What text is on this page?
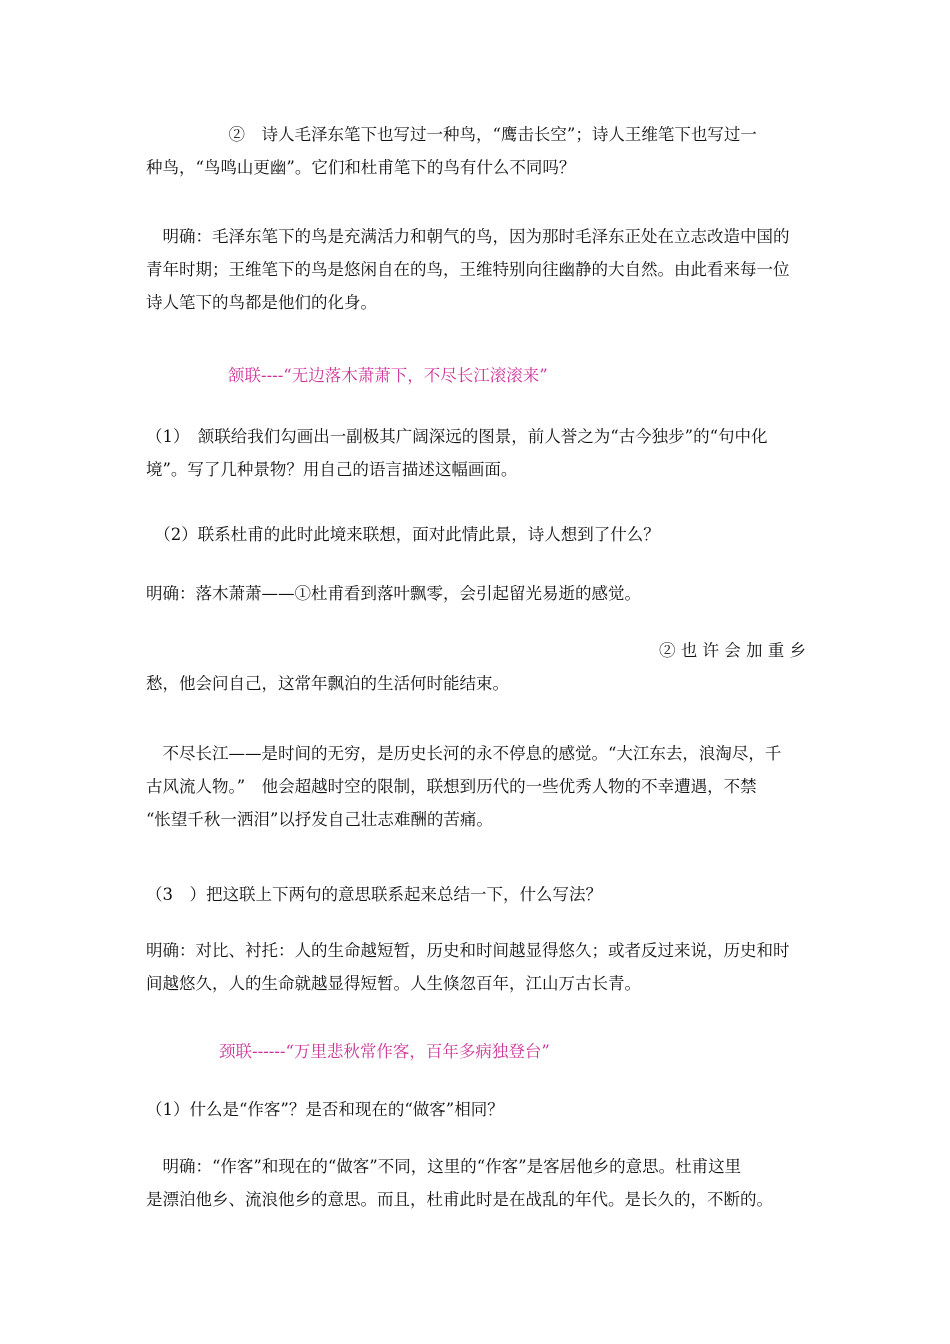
　　　　　②　诗人毛泽东笔下也写过一种鸟，“鹰击长空”；诗人王维笔下也写过一
种鸟，“鸟鸣山更幽”。它们和杜甫笔下的鸟有什么不同吗？
　明确：毛泽东笔下的鸟是充满活力和朝气的鸟，因为那时毛泽东正处在立志改造中国的
青年时期；王维笔下的鸟是悠闲自在的鸟，王维特别向往幽静的大自然。由此看来每一位
诗人笔下的鸟都是他们的化身。
颔联----“无边落木萧萧下，不尽长江滚滚来”
（1）　颔联给我们勾画出一副极其广阔深远的图景，前人誉之为“古今独步”的“句中化
境”。写了几种景物？用自己的语言描述这幅画面。
　（2）联系杜甫的此时此境来联想，面对此情此景，诗人想到了什么？
明确：落木萧萧——①杜甫看到落叶飘零，会引起留光易逝的感觉。
② 也 许 会 加 重 乡
愁，他会问自己，这常年飘泊的生活何时能结束。
　不尽长江——是时间的无穷，是历史长河的永不停息的感觉。“大江东去，浪淘尽，千
古风流人物。”　他会超越时空的限制，联想到历代的一些优秀人物的不幸遭遇，不禁
“怅望千秋一洒泪”以抒发自己壮志难酬的苦痛。
（3　）把这联上下两句的意思联系起来总结一下，什么写法？
明确：对比、衬托：人的生命越短暂，历史和时间越显得悠久；或者反过来说，历史和时
间越悠久，人的生命就越显得短暂。人生倏忽百年，江山万古长青。
颈联------“万里悲秋常作客，百年多病独登台”
（1）什么是“作客”？是否和现在的“做客”相同？
　明确：“作客”和现在的“做客”不同，这里的“作客”是客居他乡的意思。杜甫这里
是漂泊他乡、流浪他乡的意思。而且，杜甫此时是在战乱的年代。是长久的，不断的。
